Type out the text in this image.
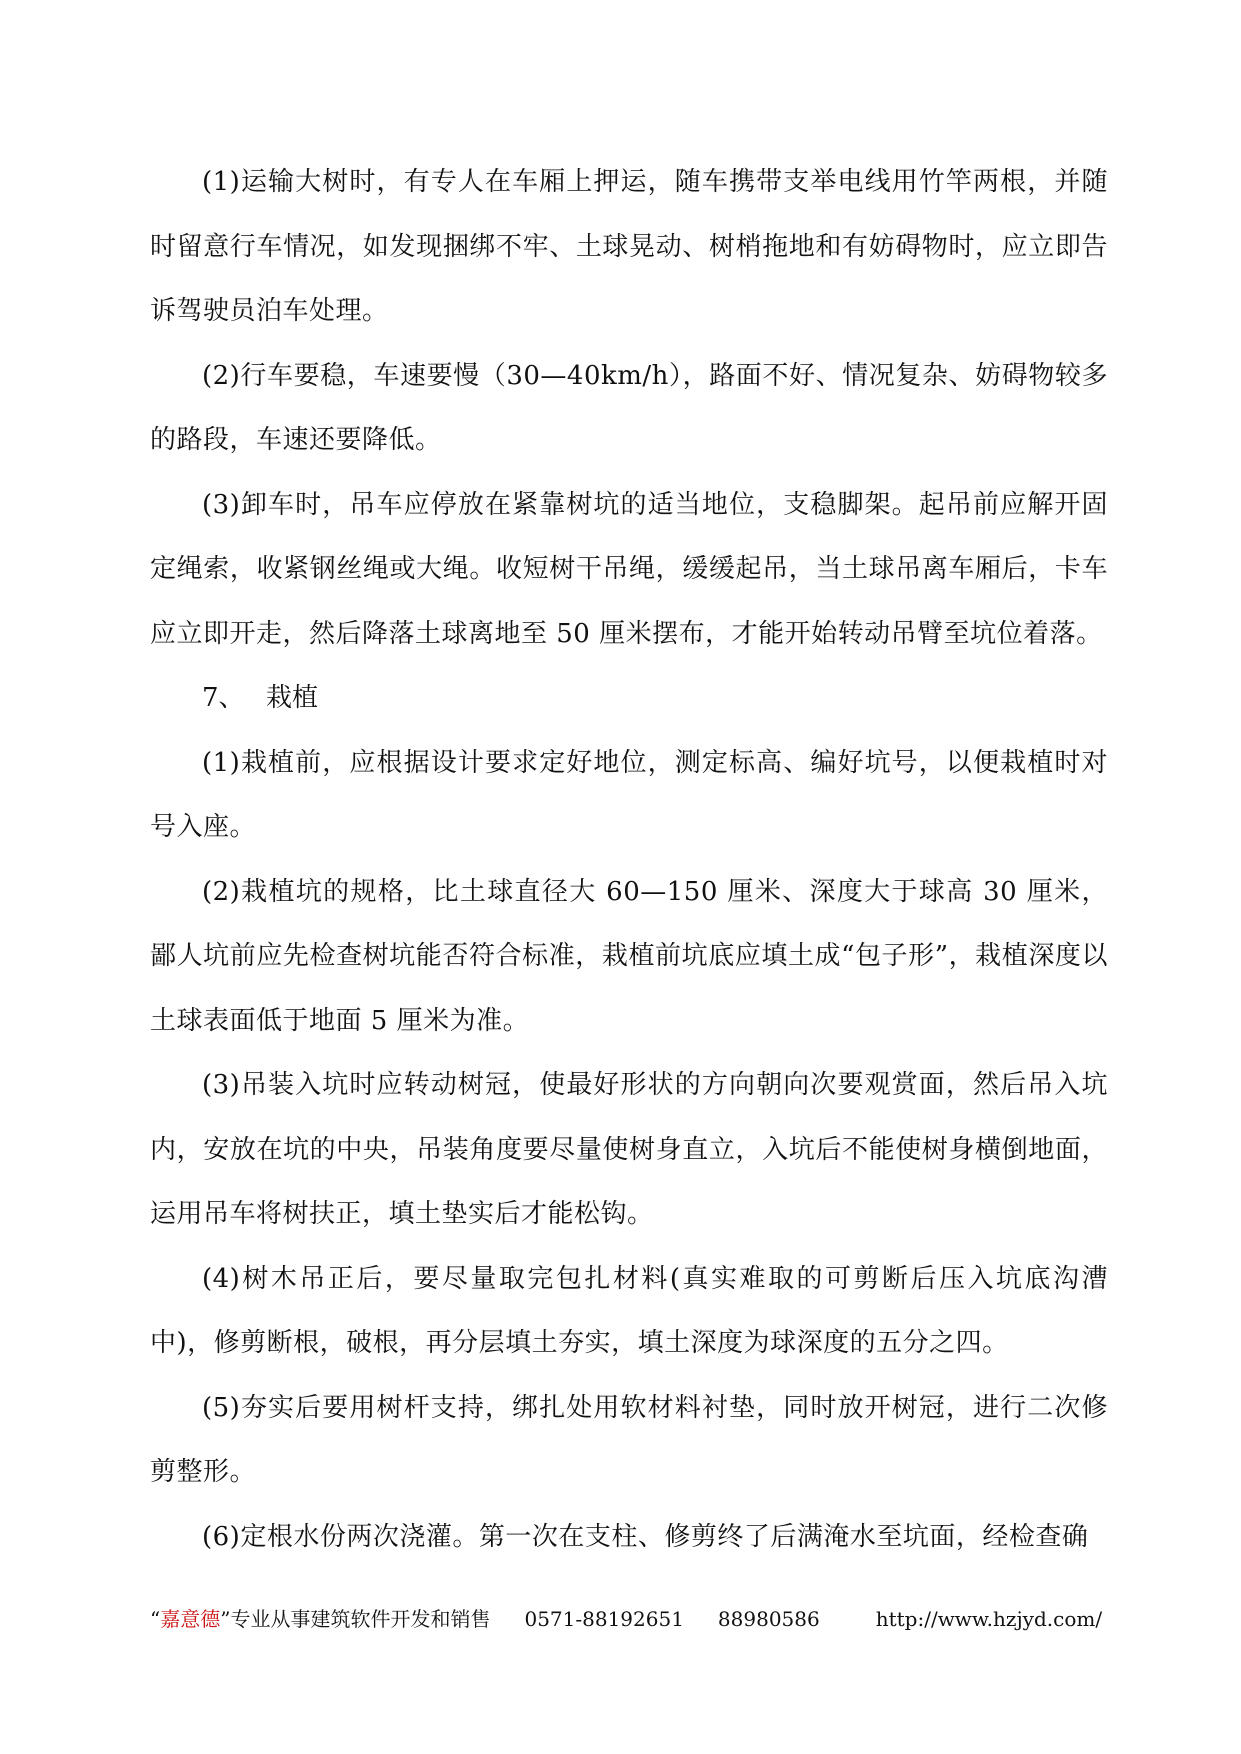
(1)运输大树时，有专人在车厢上押运，随车携带支举电线用竹竿两根，并随时留意行车情况，如发现捆绑不牢、土球晃动、树梢拖地和有妨碍物时，应立即告诉驾驶员泊车处理。

(2)行车要稳，车速要慢（30—40km/h），路面不好、情况复杂、妨碍物较多的路段，车速还要降低。

(3)卸车时，吊车应停放在紧靠树坑的适当地位，支稳脚架。起吊前应解开固定绳索，收紧钢丝绳或大绳。收短树干吊绳，缓缓起吊，当土球吊离车厢后，卡车应立即开走，然后降落土球离地至 50 厘米摆布，才能开始转动吊臂至坑位着落。

7、 栽植

(1)栽植前，应根据设计要求定好地位，测定标高、编好坑号，以便栽植时对号入座。

(2)栽植坑的规格，比土球直径大 60—150 厘米、深度大于球高 30 厘米，鄙人坑前应先检查树坑能否符合标准，栽植前坑底应填土成“包子形”，栽植深度以土球表面低于地面 5 厘米为准。

(3)吊装入坑时应转动树冠，使最好形状的方向朝向次要观赏面，然后吊入坑内，安放在坑的中央，吊装角度要尽量使树身直立，入坑后不能使树身横倒地面，运用吊车将树扶正，填土垫实后才能松钩。

(4)树木吊正后，要尽量取完包扎材料(真实难取的可剪断后压入坑底沟漕中)，修剪断根，破根，再分层填土夯实，填土深度为球深度的五分之四。

(5)夯实后要用树杆支持，绑扎处用软材料衬垫，同时放开树冠，进行二次修剪整形。

(6)定根水份两次浇灌。第一次在支柱、修剪终了后满淹水至坑面，经检查确

“嘉意德”专业从事建筑软件开发和销售 0571-88192651 88980586	http://www.hzjyd.com/
